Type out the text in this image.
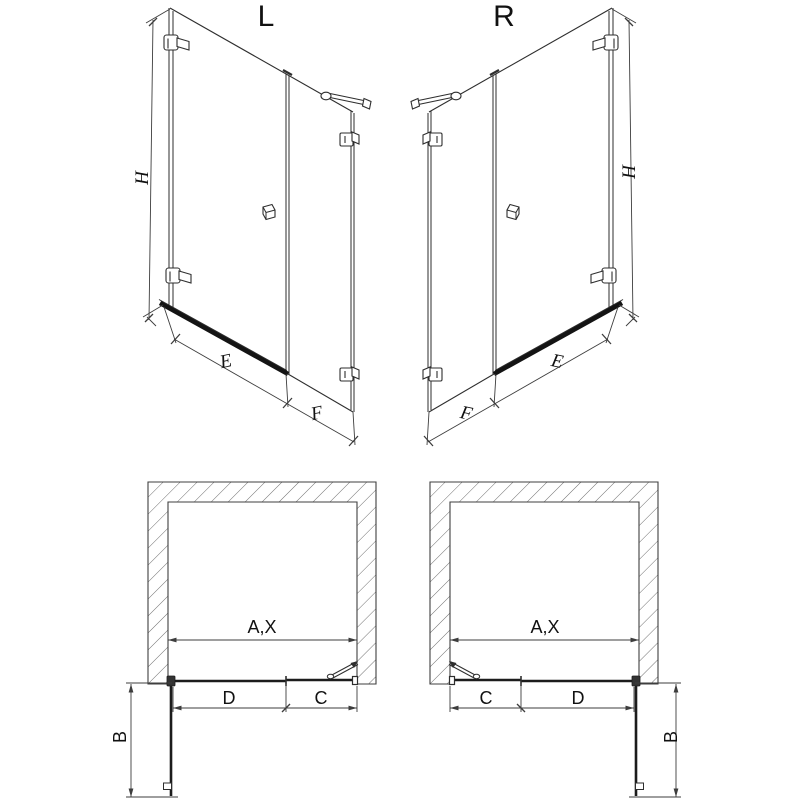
L	R
H
E
F
H
E
F
A,X
D	C
B
A,X
C	D
B
